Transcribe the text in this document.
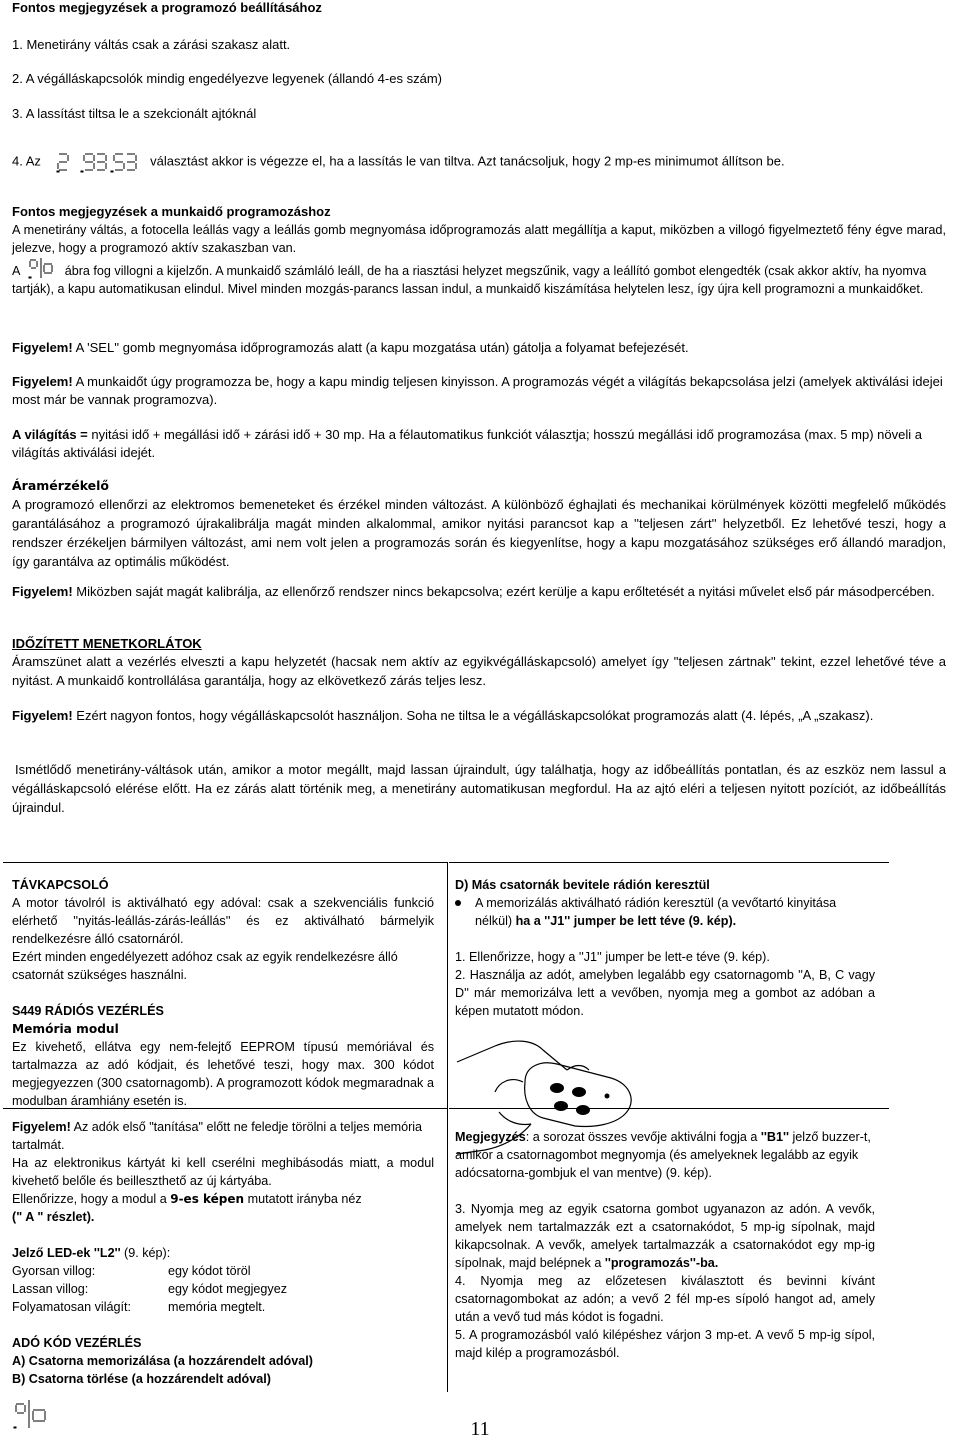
Fontos megjegyzések a programozó beállításához
1. Menetirány váltás csak a zárási szakasz alatt.
2. A végálláskapcsolók mindig engedélyezve legyenek (állandó 4-es szám)
3. A lassítást tiltsa le a szekcionált ajtóknál
4. Az	választást akkor is végezze el, ha a lassítás le van tiltva. Azt tanácsoljuk, hogy 2 mp-es minimumot állítson be.
Fontos megjegyzések a munkaidő programozáshoz
A menetirány váltás, a fotocella leállás vagy a leállás gomb megnyomása időprogramozás alatt megállítja a kaput, miközben a villogó figyelmeztető fény égve marad, jelezve, hogy a programozó aktív szakaszban van.
A	ábra fog villogni a kijelzőn. A munkaidő számláló leáll, de ha a riasztási helyzet megszűnik, vagy a leállító gombot elengedték (csak akkor aktív, ha nyomva tartják), a kapu automatikusan elindul. Mivel minden mozgás-parancs lassan indul, a munkaidő kiszámítása helytelen lesz, így újra kell programozni a munkaidőket.
Figyelem! A 'SEL'' gomb megnyomása időprogramozás alatt (a kapu mozgatása után) gátolja a folyamat befejezését.
Figyelem! A munkaidőt úgy programozza be, hogy a kapu mindig teljesen kinyisson. A programozás végét a világítás bekapcsolása jelzi (amelyek aktiválási idejei most már be vannak programozva).
A világítás = nyitási idő + megállási idő + zárási idő + 30 mp. Ha a félautomatikus funkciót választja; hosszú megállási idő programozása (max. 5 mp) növeli a világítás aktiválási idejét.
Áramérzékelő
A programozó ellenőrzi az elektromos bemeneteket és érzékel minden változást. A különböző éghajlati és mechanikai körülmények közötti megfelelő működés garantálásához a programozó újrakalibrálja magát minden alkalommal, amikor nyitási parancsot kap a ''teljesen zárt'' helyzetből. Ez lehetővé teszi, hogy a rendszer érzékeljen bármilyen változást, ami nem volt jelen a programozás során és kiegyenlítse, hogy a kapu mozgatásához szükséges erő állandó maradjon, így garantálva az optimális működést.
Figyelem! Miközben saját magát kalibrálja, az ellenőrző rendszer nincs bekapcsolva; ezért kerülje a kapu erőltetését a nyitási művelet első pár másodpercében.
IDŐZÍTETT MENETKORLÁTOK
Áramszünet alatt a vezérlés elveszti a kapu helyzetét (hacsak nem aktív az egyikvégálláskapcsoló) amelyet így ''teljesen zártnak'' tekint, ezzel lehetővé téve a nyitást. A munkaidő kontrollálása garantálja, hogy az elkövetkező zárás teljes lesz.
Figyelem! Ezért nagyon fontos, hogy végálláskapcsolót használjon. Soha ne tiltsa le a végálláskapcsolókat programozás alatt (4. lépés, „A „szakasz).
Ismétlődő menetirány-váltások után, amikor a motor megállt, majd lassan újraindult, úgy találhatja, hogy az időbeállítás pontatlan, és az eszköz nem lassul a végálláskapcsoló elérése előtt. Ha ez zárás alatt történik meg, a menetirány automatikusan megfordul. Ha az ajtó eléri a teljesen nyitott pozíciót, az időbeállítás újraindul.

TÁVKAPCSOLÓ

A motor távolról is aktiválható egy adóval: csak a szekvenciális funkció elérhető ''nyitás-leállás-zárás-leállás'' és ez aktiválható bármelyik rendelkezésre álló csatornáról.

Ezért minden engedélyezett adóhoz csak az egyik rendelkezésre álló csatornát szükséges használni.

S449 RÁDIÓS VEZÉRLÉS

Memória modul

Ez kivehető, ellátva egy nem-felejtő EEPROM típusú memóriával és tartalmazza az adó kódjait, és lehetővé teszi, hogy max. 300 kódot megjegyezzen (300 csatornagomb). A programozott kódok megmaradnak a modulban áramhiány esetén is.

Figyelem! Az adók első "tanítása" előtt ne feledje törölni a teljes memória tartalmát.

Ha az elektronikus kártyát ki kell cserélni meghibásodás miatt, a modul kivehető belőle és beilleszthető az új kártyába.

Ellenőrizze, hogy a modul a 9-es képen mutatott irányba néz

(" A " részlet).

Jelző LED-ek ''L2'' (9. kép):

Gyorsan villog:	egy kódot töröl

Lassan villog:	egy kódot megjegyez

Folyamatosan világít:	memória megtelt.

ADÓ KÓD VEZÉRLÉS

A) Csatorna memorizálása (a hozzárendelt adóval)

B) Csatorna törlése (a hozzárendelt adóval)

D) Más csatornák bevitele rádión keresztül

A memorizálás aktiválható rádión keresztül (a vevőtartó kinyitása nélkül) ha a ''J1'' jumper be lett téve (9. kép).

1. Ellenőrizze, hogy a ''J1'' jumper be lett-e téve (9. kép).

2. Használja az adót, amelyben legalább egy csatornagomb ''A, B, C vagy D'' már memorizálva lett a vevőben, nyomja meg a gombot az adóban a képen mutatott módon.

Megjegyzés: a sorozat összes vevője aktiválni fogja a ''B1'' jelző buzzer-t, amikor a csatornagombot megnyomja (és amelyeknek legalább az egyik adócsatorna-gombjuk el van mentve) (9. kép).

3. Nyomja meg az egyik csatorna gombot ugyanazon az adón. A vevők, amelyek nem tartalmazzák ezt a csatornakódot, 5 mp-ig sípolnak, majd kikapcsolnak. A vevők, amelyek tartalmazzák a csatornakódot egy mp-ig sípolnak, majd belépnek a ''programozás''-ba.

4. Nyomja meg az előzetesen kiválasztott és bevinni kívánt csatornagombokat az adón; a vevő 2 fél mp-es sípoló hangot ad, amely után a vevő tud más kódot is fogadni.

5. A programozásból való kilépéshez várjon 3 mp-et. A vevő 5 mp-ig sípol, majd kilép a programozásból.

11
